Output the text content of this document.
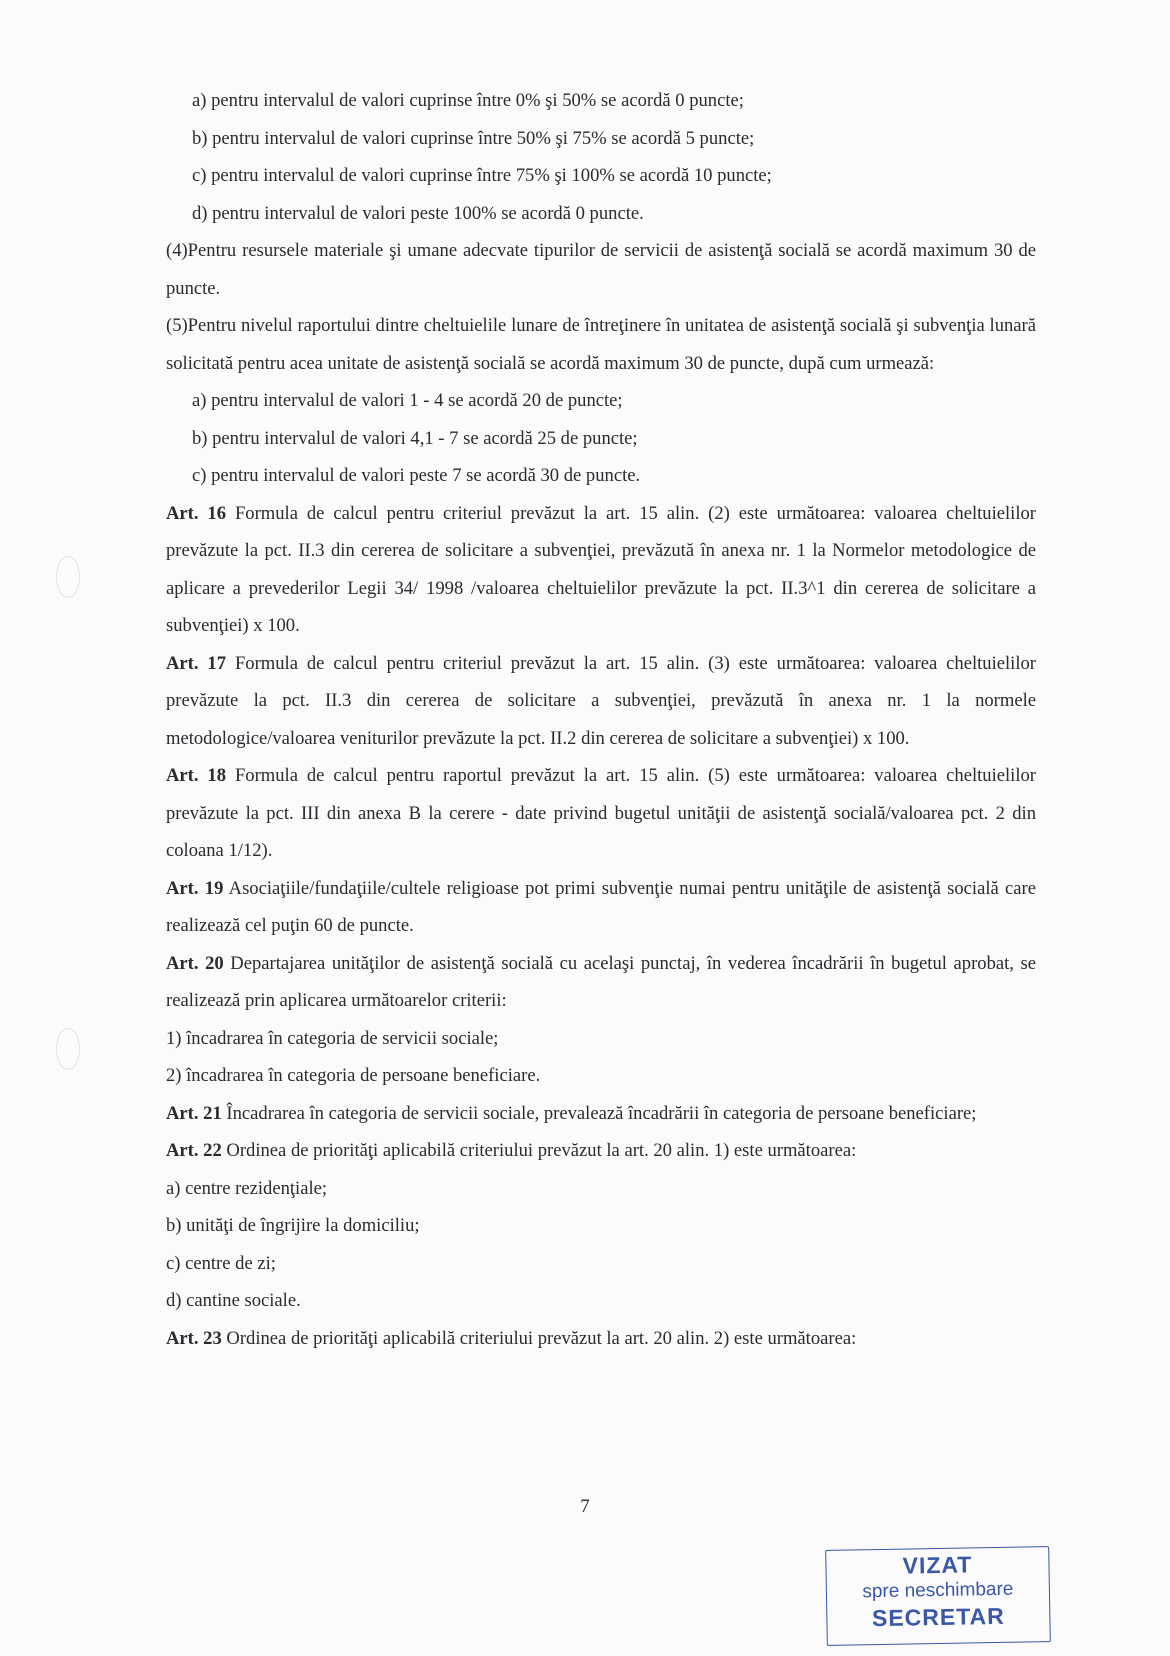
a) pentru intervalul de valori cuprinse între 0% şi 50% se acordă 0 puncte;

b) pentru intervalul de valori cuprinse între 50% şi 75% se acordă 5 puncte;

c) pentru intervalul de valori cuprinse între 75% şi 100% se acordă 10 puncte;

d) pentru intervalul de valori peste 100% se acordă 0 puncte.

(4)Pentru resursele materiale şi umane adecvate tipurilor de servicii de asistenţă socială se acordă maximum 30 de puncte.

(5)Pentru nivelul raportului dintre cheltuielile lunare de întreţinere în unitatea de asistenţă socială şi subvenţia lunară solicitată pentru acea unitate de asistenţă socială se acordă maximum 30 de puncte, după cum urmează:

a) pentru intervalul de valori 1 - 4 se acordă 20 de puncte;

b) pentru intervalul de valori 4,1 - 7 se acordă 25 de puncte;

c) pentru intervalul de valori peste 7 se acordă 30 de puncte.

Art. 16 Formula de calcul pentru criteriul prevăzut la art. 15 alin. (2) este următoarea: valoarea cheltuielilor prevăzute la pct. II.3 din cererea de solicitare a subvenţiei, prevăzută în anexa nr. 1 la Normelor metodologice de aplicare a prevederilor Legii 34/ 1998 /valoarea cheltuielilor prevăzute la pct. II.3^1 din cererea de solicitare a subvenţiei) x 100.

Art. 17 Formula de calcul pentru criteriul prevăzut la art. 15 alin. (3) este următoarea: valoarea cheltuielilor prevăzute la pct. II.3 din cererea de solicitare a subvenţiei, prevăzută în anexa nr. 1 la normele metodologice/valoarea veniturilor prevăzute la pct. II.2 din cererea de solicitare a subvenţiei) x 100.

Art. 18 Formula de calcul pentru raportul prevăzut la art. 15 alin. (5) este următoarea: valoarea cheltuielilor prevăzute la pct. III din anexa B la cerere - date privind bugetul unităţii de asistenţă socială/valoarea pct. 2 din coloana 1/12).

Art. 19 Asociaţiile/fundaţiile/cultele religioase pot primi subvenţie numai pentru unităţile de asistenţă socială care realizează cel puţin 60 de puncte.

Art. 20 Departajarea unităţilor de asistenţă socială cu acelaşi punctaj, în vederea încadrării în bugetul aprobat, se realizează prin aplicarea următoarelor criterii:

1) încadrarea în categoria de servicii sociale;

2) încadrarea în categoria de persoane beneficiare.

Art. 21 Încadrarea în categoria de servicii sociale, prevalează încadrării în categoria de persoane beneficiare;

Art. 22 Ordinea de priorităţi aplicabilă criteriului prevăzut la art. 20 alin. 1) este următoarea:

a) centre rezidenţiale;

b) unităţi de îngrijire la domiciliu;

c) centre de zi;

d) cantine sociale.

Art. 23 Ordinea de priorităţi aplicabilă criteriului prevăzut la art. 20 alin. 2) este următoarea:

7
VIZAT
spre neschimbare
SECRETAR
